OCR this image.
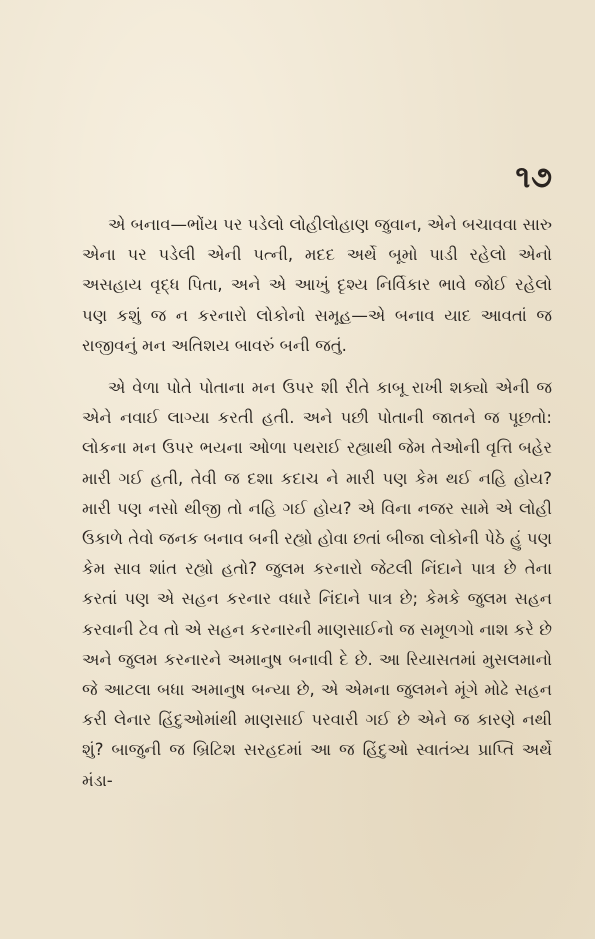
૧૭

એ બનાવ—ભોંય પર પડેલો લોહીલોહાણ જુવાન, એને બચાવવા સારુ એના પર પડેલી એની પત્ની, મદદ અર્થે બૂમો પાડી રહેલો એનો અસહાય વૃદ્ધ પિતા, અને એ આખું દૃશ્ય નિર્વિકાર ભાવે જોઈ રહેલો પણ કશું જ ન કરનારો લોકોનો સમૂહ—એ બનાવ યાદ આવતાં જ રાજીવનું મન અતિશય બાવરું બની જતું.

એ વેળા પોતે પોતાના મન ઉપર શી રીતે કાબૂ રાખી શક્યો એની જ એને નવાઈ લાગ્યા કરતી હતી. અને પછી પોતાની જાતને જ પૂછતો: લોકના મન ઉપર ભયના ઓળા પથરાઈ રહ્યાથી જેમ તેઓની વૃત્તિ બહેર મારી ગઈ હતી, તેવી જ દશા કદાચ ને મારી પણ કેમ થઈ નહિ હોય? મારી પણ નસો થીજી તો નહિ ગઈ હોય? એ વિના નજર સામે એ લોહી ઉકાળે તેવો જનક બનાવ બની રહ્યો હોવા છતાં બીજા લોકોની પેઠે હું પણ કેમ સાવ શાંત રહ્યો હતો? જુલમ કરનારો જેટલી નિંદાને પાત્ર છે તેના કરતાં પણ એ સહન કરનાર વધારે નિંદાને પાત્ર છે; કેમકે જુલમ સહન કરવાની ટેવ તો એ સહન કરનારની માણસાઈનો જ સમૂળગો નાશ કરે છે અને જુલમ કરનારને અમાનુષ બનાવી દે છે. આ રિયાસતમાં મુસલમાનો જે આટલા બધા અમાનુષ બન્યા છે, એ એમના જુલમને મૂંગે મોઢે સહન કરી લેનાર હિંદુઓમાંથી માણસાઈ પરવારી ગઈ છે એને જ કારણે નથી શું? બાજુની જ બ્રિટિશ સરહદમાં આ જ હિંદુઓ સ્વાતંત્ર્ય પ્રાપ્તિ અર્થે મંડા-
